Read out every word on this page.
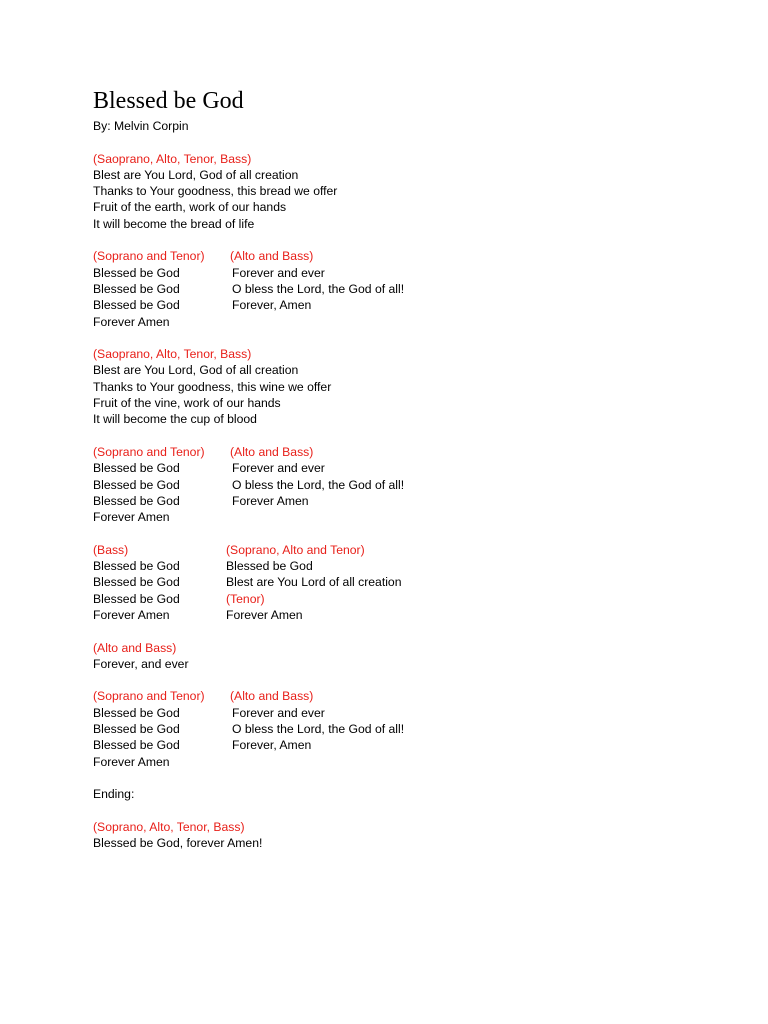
Blessed be God
By: Melvin Corpin
(Saoprano, Alto, Tenor, Bass)
Blest are You Lord, God of all creation
Thanks to Your goodness, this bread we offer
Fruit of the earth, work of our hands
It will become the bread of life
(Soprano and Tenor) (Alto and Bass)
Blessed be God	Forever and ever
Blessed be God	O bless the Lord, the God of all!
Blessed be God	Forever, Amen
Forever Amen
(Saoprano, Alto, Tenor, Bass)
Blest are You Lord, God of all creation
Thanks to Your goodness, this wine we offer
Fruit of the vine, work of our hands
It will become the cup of blood
(Soprano and Tenor) (Alto and Bass)
Blessed be God	Forever and ever
Blessed be God	O bless the Lord, the God of all!
Blessed be God	Forever Amen
Forever Amen
(Bass)	(Soprano, Alto and Tenor)
Blessed be God	Blessed be God
Blessed be God	Blest are You Lord of all creation
Blessed be God	(Tenor)
Forever Amen	Forever Amen
(Alto and Bass)
Forever, and ever
(Soprano and Tenor) (Alto and Bass)
Blessed be God	Forever and ever
Blessed be God	O bless the Lord, the God of all!
Blessed be God	Forever, Amen
Forever Amen
Ending:
(Soprano, Alto, Tenor, Bass)
Blessed be God, forever Amen!
